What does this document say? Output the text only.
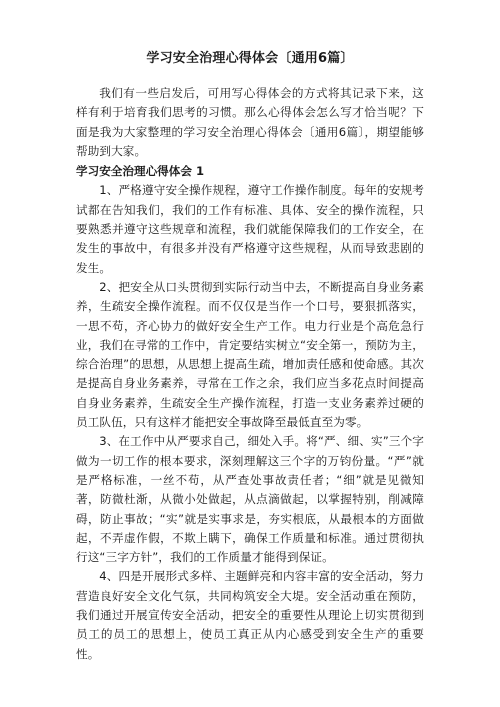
学习安全治理心得体会〔通用6篇〕

我们有一些启发后，可用写心得体会的方式将其记录下来，这样有利于培育我们思考的习惯。那么心得体会怎么写才恰当呢？下面是我为大家整理的学习安全治理心得体会〔通用6篇〕，期望能够帮助到大家。

学习安全治理心得体会 1

1、严格遵守安全操作规程，遵守工作操作制度。每年的安规考试都在告知我们，我们的工作有标准、具体、安全的操作流程，只要熟悉并遵守这些规章和流程，我们就能保障我们的工作安全，在发生的事故中，有很多并没有严格遵守这些规程，从而导致悲剧的发生。

2、把安全从口头贯彻到实际行动当中去，不断提高自身业务素养，生疏安全操作流程。而不仅仅是当作一个口号，要狠抓落实，一思不苟，齐心协力的做好安全生产工作。电力行业是个高危急行业，我们在寻常的工作中，肯定要结实树立“安全第一，预防为主，综合治理”的思想，从思想上提高生疏，增加责任感和使命感。其次是提高自身业务素养，寻常在工作之余，我们应当多花点时间提高自身业务素养，生疏安全生产操作流程，打造一支业务素养过硬的员工队伍，只有这样才能把安全事故降至最低直至为零。

3、在工作中从严要求自己，细处入手。将“严、细、实”三个字做为一切工作的根本要求，深刻理解这三个字的万钧份量。“严”就是严格标准，一丝不苟，从严查处事故责任者；“细”就是见微知著，防微杜渐，从微小处做起，从点滴做起，以掌握特别，削减障碍，防止事故；“实”就是实事求是，夯实根底，从最根本的方面做起，不弄虚作假，不欺上瞒下，确保工作质量和标准。通过贯彻执行这“三字方针”，我们的工作质量才能得到保证。

4、四是开展形式多样、主题鲜亮和内容丰富的安全活动，努力营造良好安全文化气氛，共同构筑安全大堤。安全活动重在预防，我们通过开展宣传安全活动，把安全的重要性从理论上切实贯彻到员工的员工的思想上，使员工真正从内心感受到安全生产的重要性。
